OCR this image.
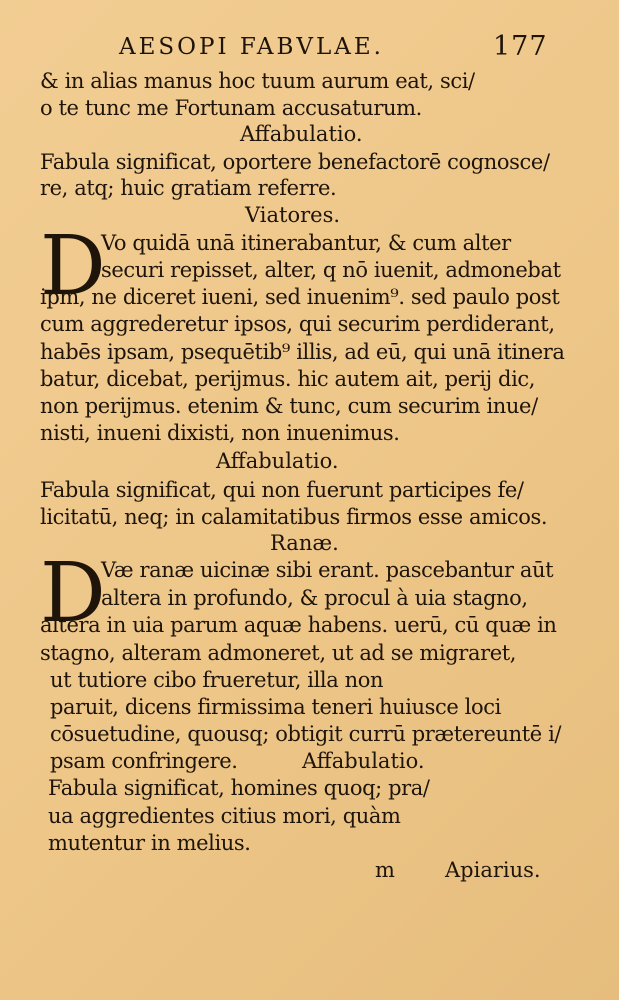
AESOPI FABVLAE.	177
& in alias manus hoc tuum aurum eat, sci/
o te tunc me Fortunam accusaturum.
Affabulatio.
Fabula significat, oportere benefactorē cognosce/
re, atq; huic gratiam referre.
Viatores.
D
Vo quidā unā itinerabantur, & cum alter
securi repisset, alter, q nō iuenit, admonebat
ipm, ne diceret iueni, sed inuenim⁹. sed paulo post
cum aggrederetur ipsos, qui securim perdiderant,
habēs ipsam, psequētib⁹ illis, ad eū, qui unā itinera
batur, dicebat, perijmus. hic autem ait, perij dic,
non perijmus. etenim & tunc, cum securim inue/
nisti, inueni dixisti, non inuenimus.
Affabulatio.
Fabula significat, qui non fuerunt participes fe/
licitatū, neq; in calamitatibus firmos esse amicos.
Ranæ.
D
Væ ranæ uicinæ sibi erant. pascebantur aūt
altera in profundo, & procul à uia stagno,
altera in uia parum aquæ habens. uerū, cū quæ in
stagno, alteram admoneret, ut ad se migraret,
ut tutiore cibo frueretur, illa non
paruit, dicens firmissima teneri huiusce loci
cōsuetudine, quousq; obtigit currū prætereuntē i/
psam confringere.	Affabulatio.
Fabula significat, homines quoq; pra/
ua aggredientes citius mori, quàm
mutentur in melius.
m Apiarius.
